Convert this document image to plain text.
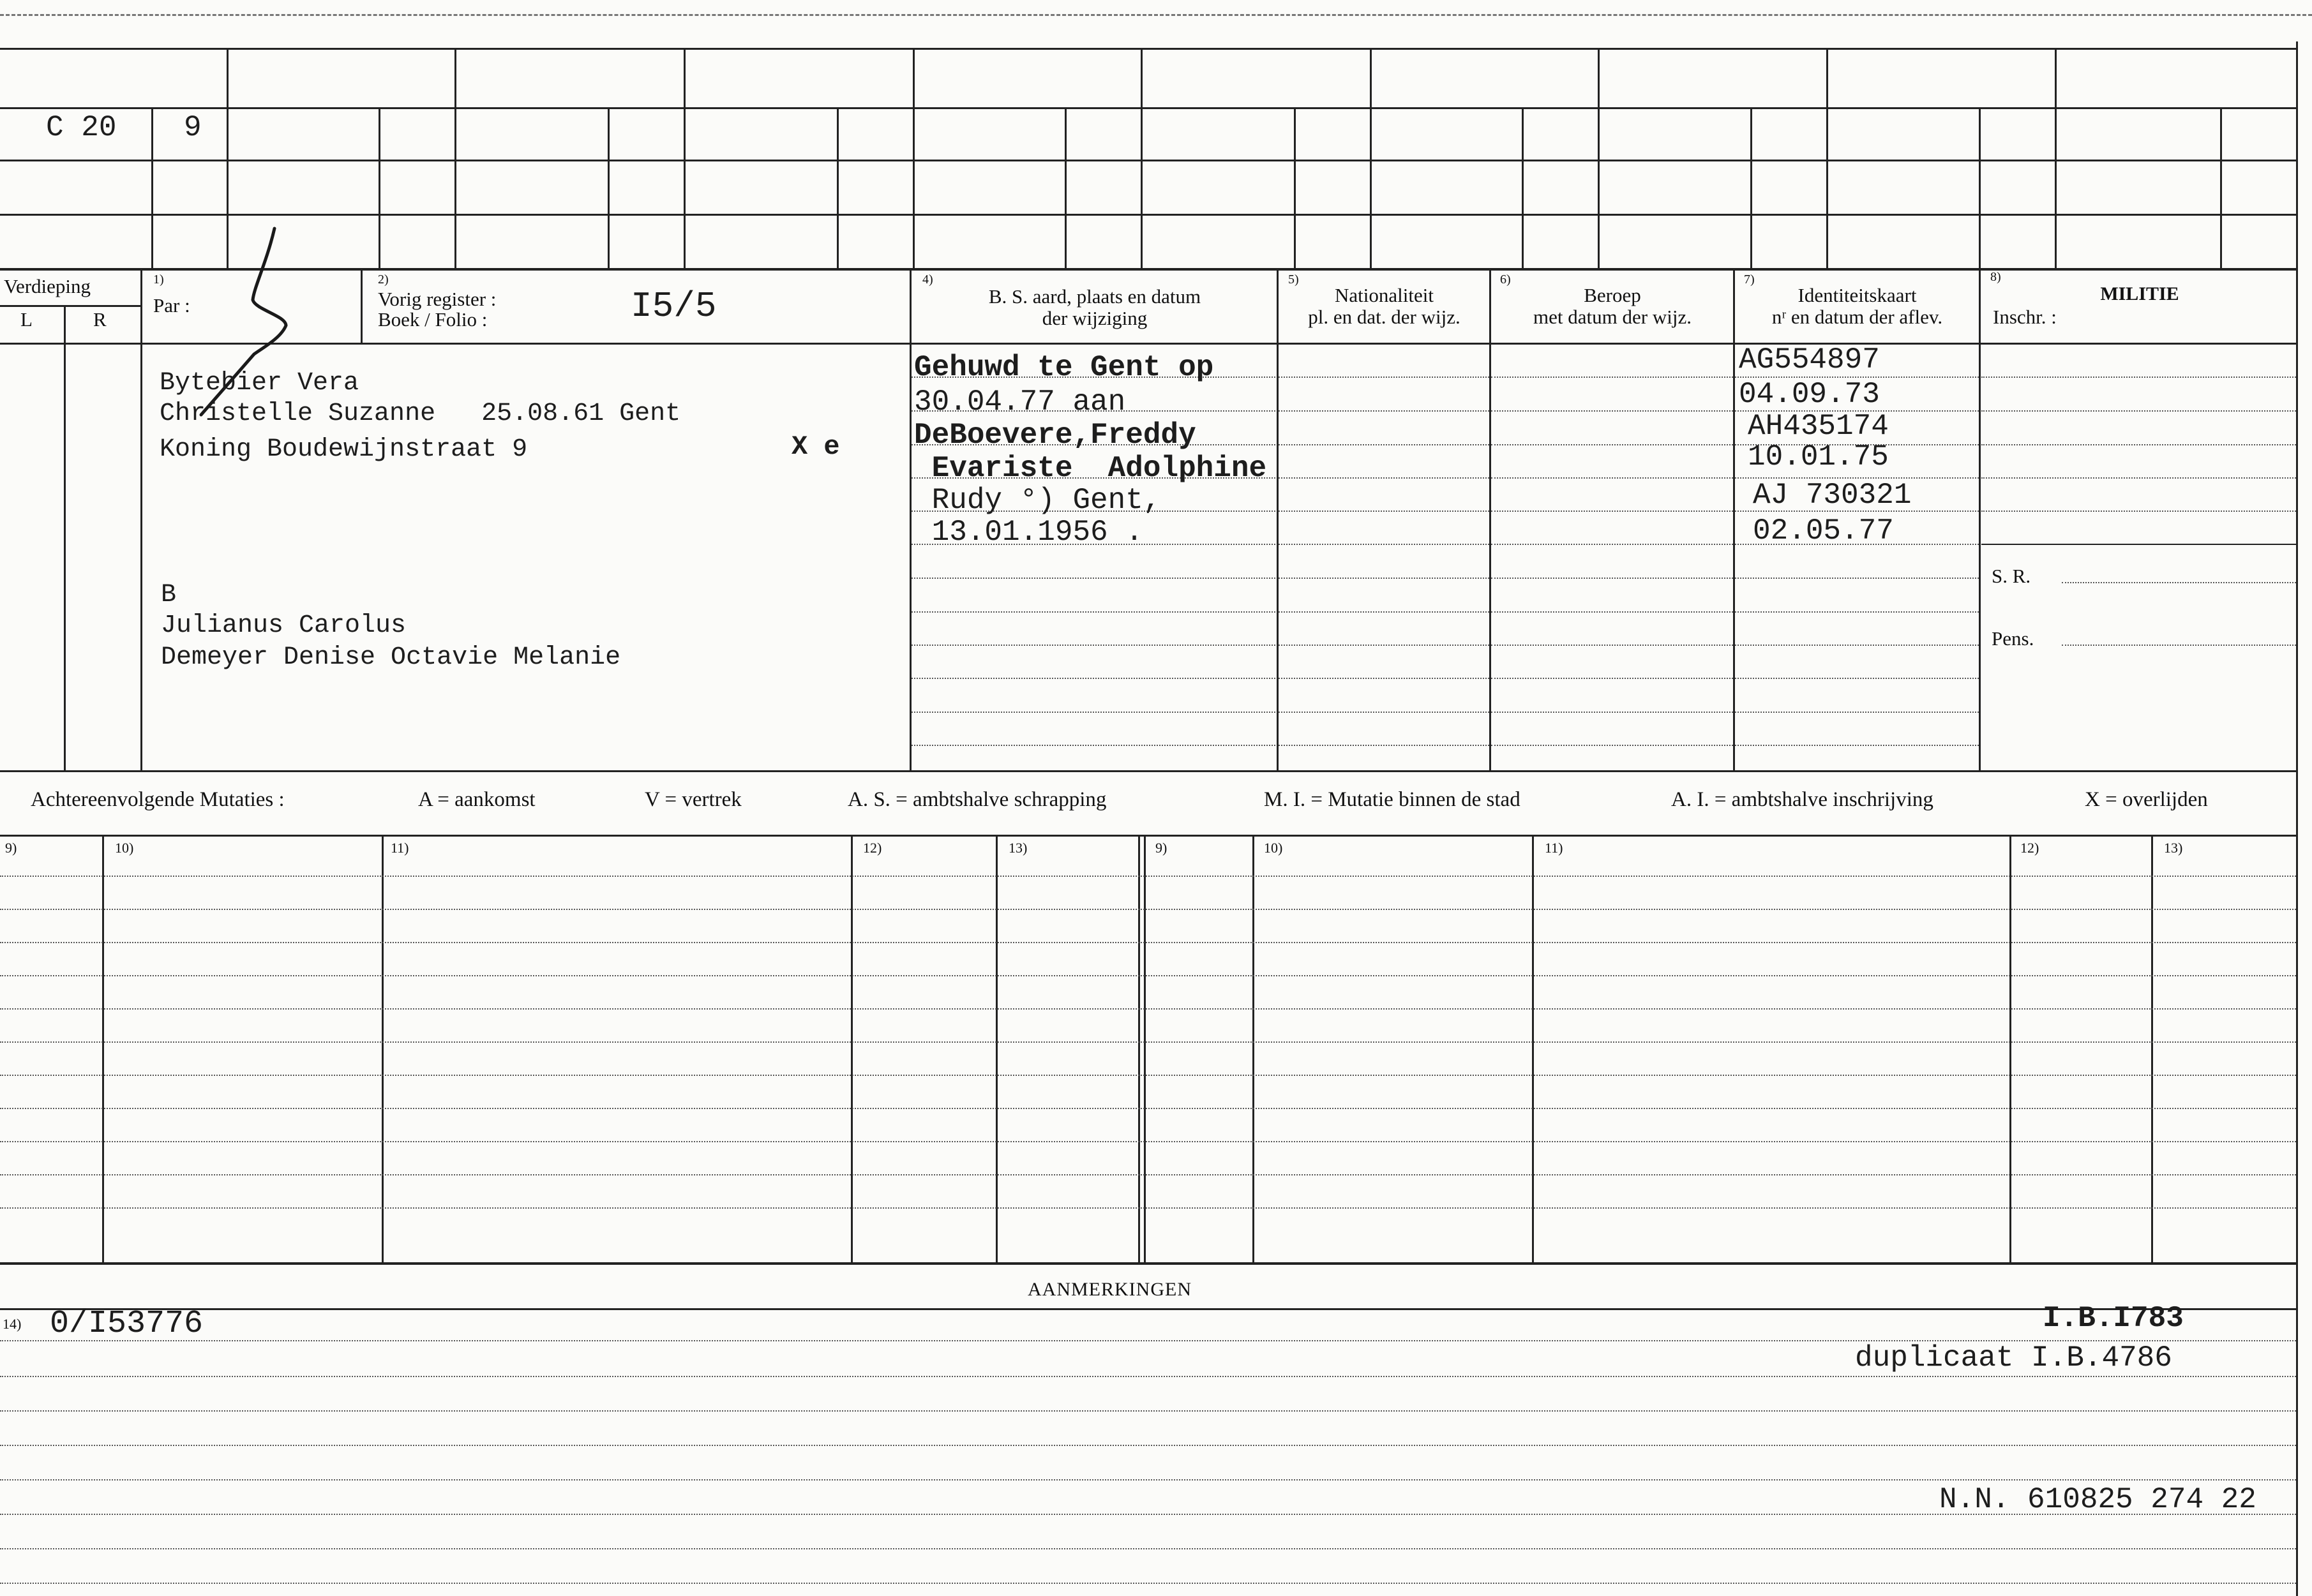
C 20 9
Verdieping
L	R
$^{1)}$
Par :
$^{2)}$
Vorig register :
Boek / Folio :	I5/5
$^{4)}$
B. S. aard, plaats en datum
der wijziging
$^{5)}$
Nationaliteit
pl. en dat. der wijz.
$^{6)}$
Beroep
met datum der wijz.
$^{7)}$
Identiteitskaart
nʳ en datum der aflev.
$^{8)}$
MILITIE
Inschr. :
S. R.
Pens.
Bytebier Vera
Christelle Suzanne   25.08.61 Gent
Koning Boudewijnstraat 9	X e
B
Julianus Carolus
Demeyer Denise Octavie Melanie
Gehuwd te Gent op
30.04.77 aan
DeBoevere,Freddy
Evariste  Adolphine
Rudy °) Gent,
13.01.1956 .
AG554897
04.09.73
AH435174
10.01.75
AJ 730321
02.05.77
Achtereenvolgende Mutaties :	A = aankomst	V = vertrek	A. S. = ambtshalve schrapping	M. I. = Mutatie binnen de stad	A. I. = ambtshalve inschrijving	X = overlijden
9)	10)	11)	12)	13)	9)	10)	11)	12)	13)
AANMERKINGEN
14) 0/I53776	I.B.I783
duplicaat I.B.4786
N.N. 610825 274 22
